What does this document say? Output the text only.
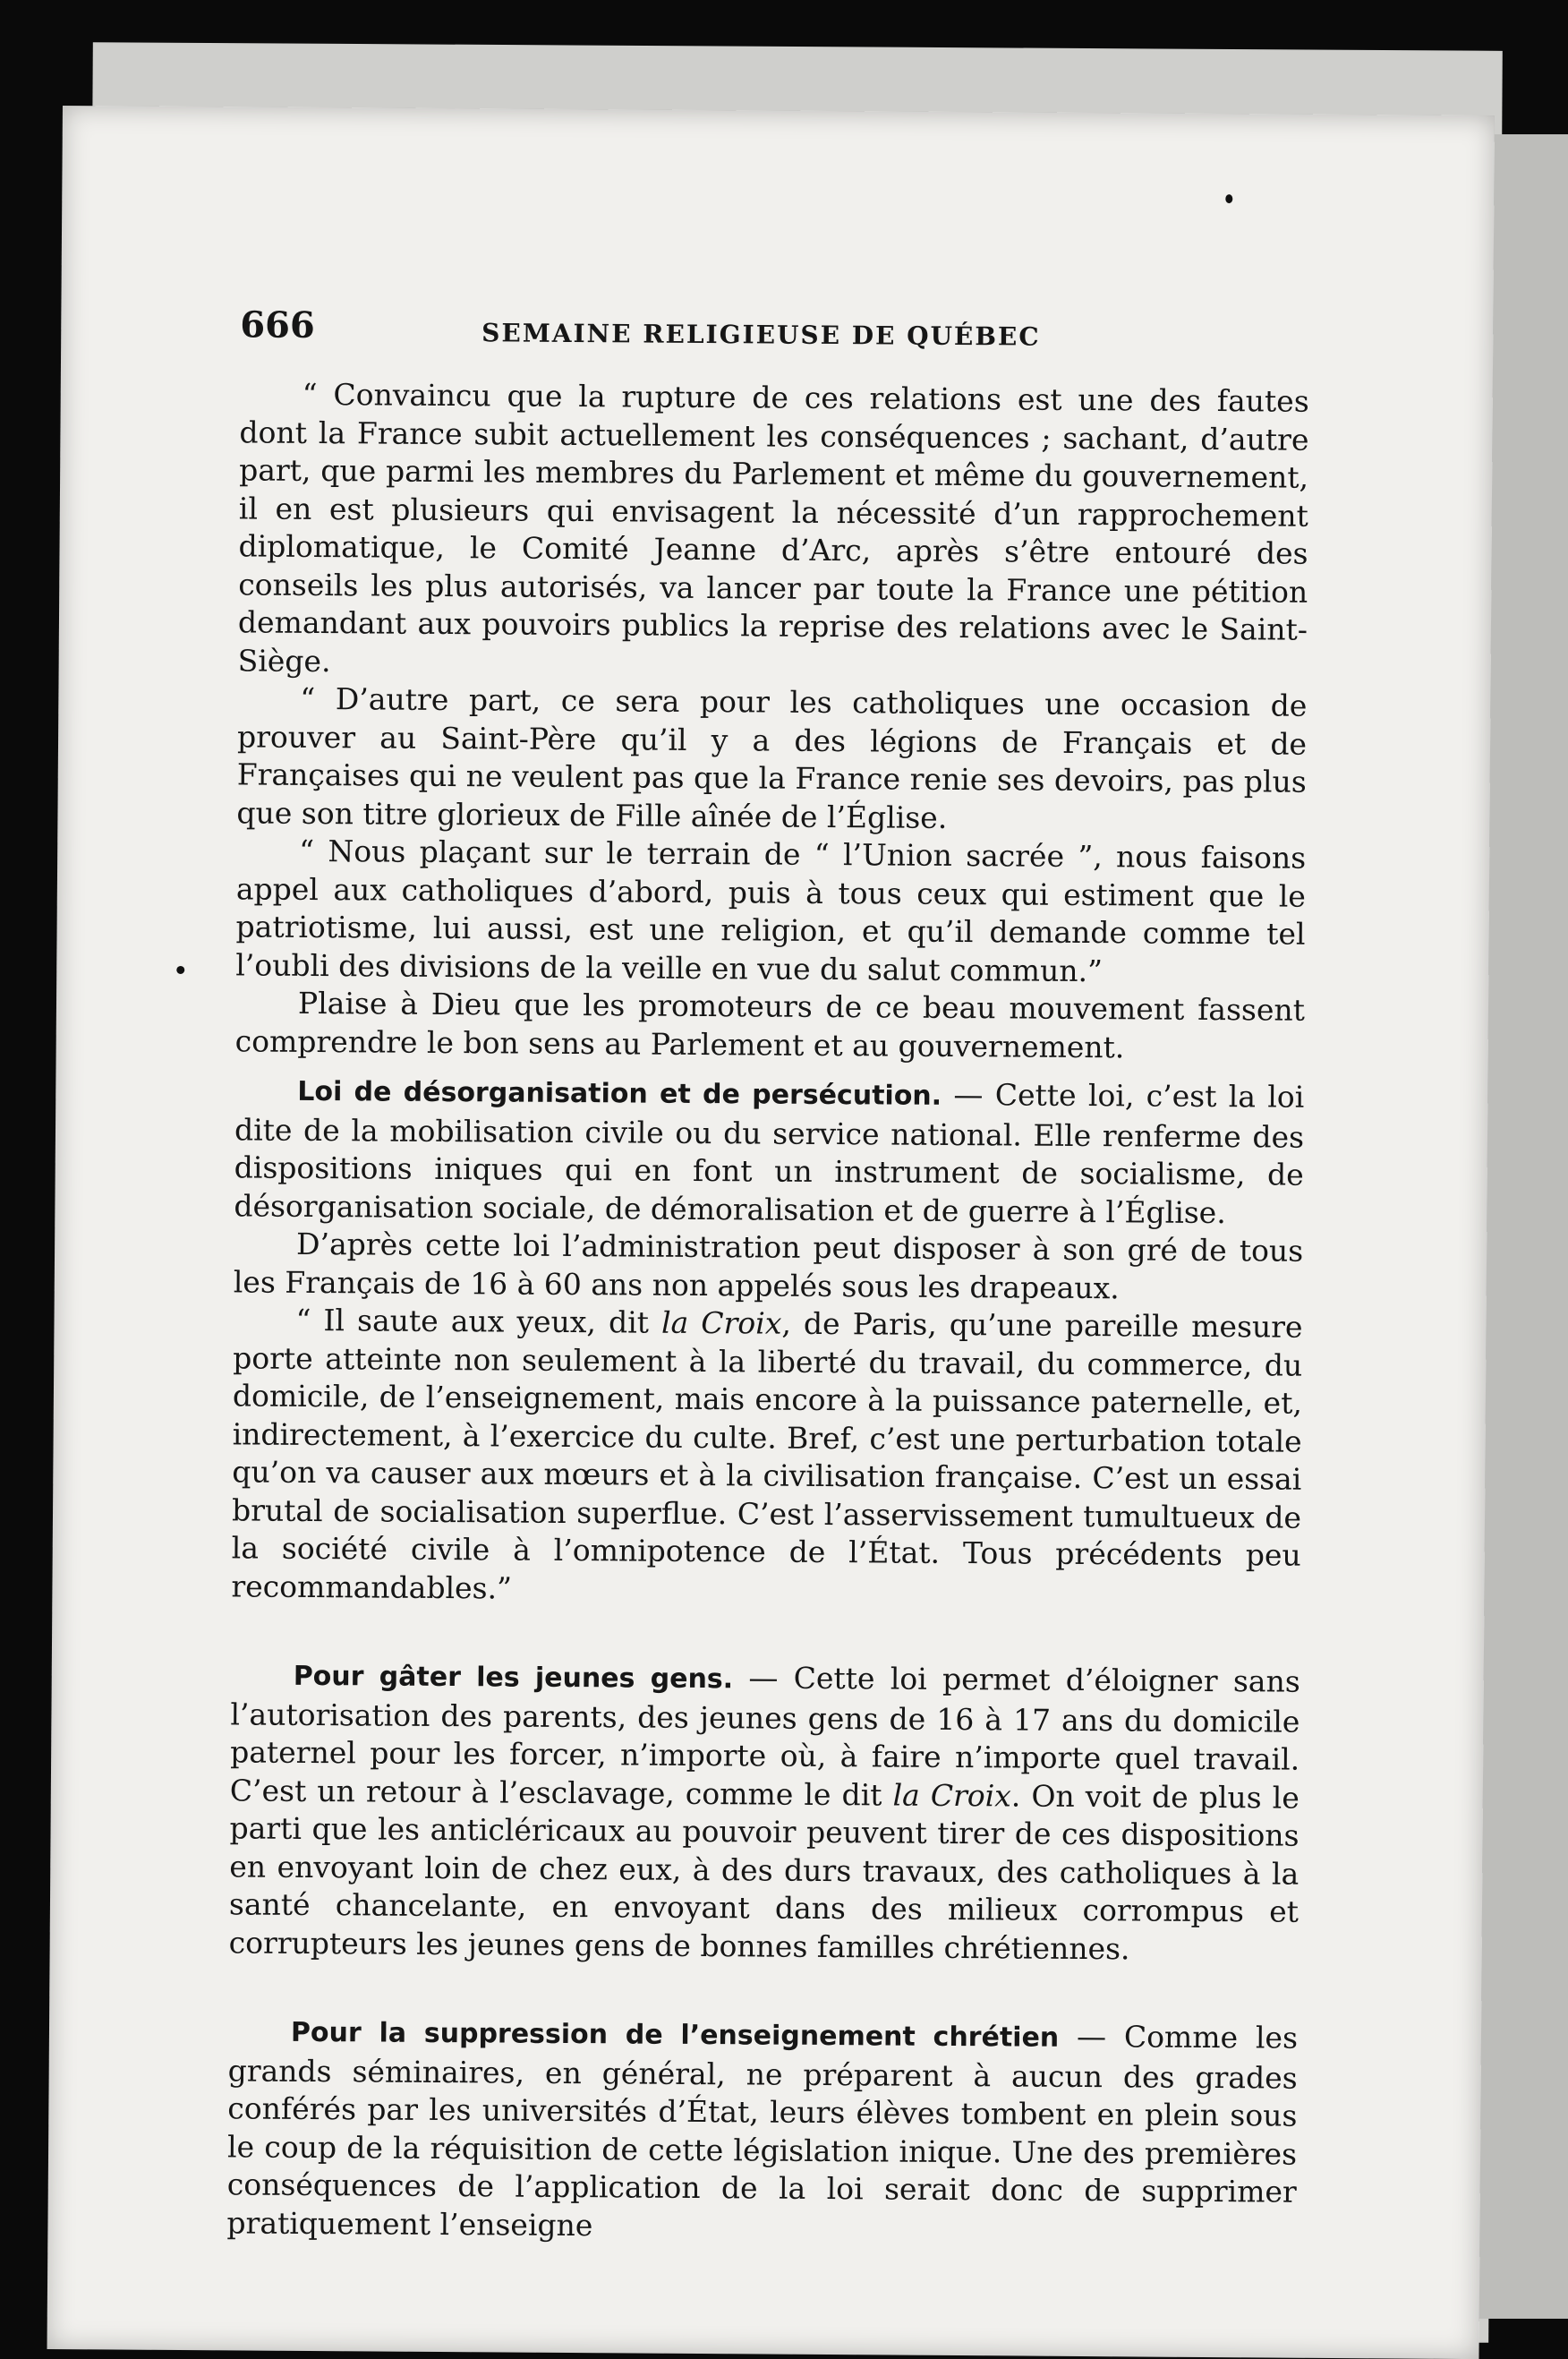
666	SEMAINE RELIGIEUSE DE QUÉBEC

“ Convaincu que la rupture de ces relations est une des fautes dont la France subit actuellement les conséquences ; sachant, d’autre part, que parmi les membres du Parlement et même du gouvernement, il en est plusieurs qui envisagent la nécessité d’un rapprochement diplomatique, le Comité Jeanne d’Arc, après s’être entouré des conseils les plus autorisés, va lancer par toute la France une pétition demandant aux pouvoirs publics la reprise des relations avec le Saint-Siège.

“ D’autre part, ce sera pour les catholiques une occasion de prouver au Saint-Père qu’il y a des légions de Français et de Françaises qui ne veulent pas que la France renie ses devoirs, pas plus que son titre glorieux de Fille aînée de l’Église.

“ Nous plaçant sur le terrain de “ l’Union sacrée ”, nous faisons appel aux catholiques d’abord, puis à tous ceux qui estiment que le patriotisme, lui aussi, est une religion, et qu’il demande comme tel l’oubli des divisions de la veille en vue du salut commun.”

Plaise à Dieu que les promoteurs de ce beau mouvement fassent comprendre le bon sens au Parlement et au gouvernement.

Loi de désorganisation et de persécution. — Cette loi, c’est la loi dite de la mobilisation civile ou du service national. Elle renferme des dispositions iniques qui en font un instrument de socialisme, de désorganisation sociale, de démoralisation et de guerre à l’Église.

D’après cette loi l’administration peut disposer à son gré de tous les Français de 16 à 60 ans non appelés sous les drapeaux.

“ Il saute aux yeux, dit la Croix, de Paris, qu’une pareille mesure porte atteinte non seulement à la liberté du travail, du commerce, du domicile, de l’enseignement, mais encore à la puissance paternelle, et, indirectement, à l’exercice du culte. Bref, c’est une perturbation totale qu’on va causer aux mœurs et à la civilisation française. C’est un essai brutal de socialisation superflue. C’est l’asservissement tumultueux de la société civile à l’omnipotence de l’État. Tous précédents peu recommandables.”

Pour gâter les jeunes gens. — Cette loi permet d’éloigner sans l’autorisation des parents, des jeunes gens de 16 à 17 ans du domicile paternel pour les forcer, n’importe où, à faire n’importe quel travail. C’est un retour à l’esclavage, comme le dit la Croix. On voit de plus le parti que les anticléricaux au pouvoir peuvent tirer de ces dispositions en envoyant loin de chez eux, à des durs travaux, des catholiques à la santé chancelante, en envoyant dans des milieux corrompus et corrupteurs les jeunes gens de bonnes familles chrétiennes.

Pour la suppression de l’enseignement chrétien — Comme les grands séminaires, en général, ne préparent à aucun des grades conférés par les universités d’État, leurs élèves tombent en plein sous le coup de la réquisition de cette législation inique. Une des premières conséquences de l’application de la loi serait donc de supprimer pratiquement l’enseigne
